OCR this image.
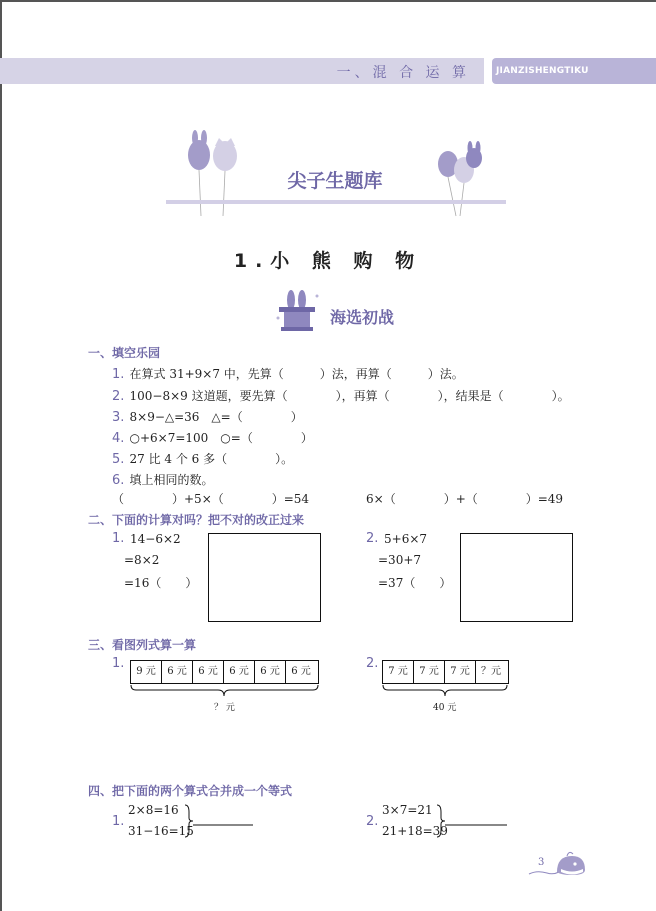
一、混 合 运 算	JIANZISHENGTIKU
尖子生题库
1.小 熊 购 物
海选初战
一、填空乐园
1. 在算式 31+9×7 中，先算（　　　）法，再算（　　　）法。
2. 100−8×9 这道题，要先算（　　　　），再算（　　　　），结果是（　　　　）。
3. 8×9−△=36　△=（　　　　）
4. ○+6×7=100　○=（　　　　）
5. 27 比 4 个 6 多（　　　　）。
6. 填上相同的数。
（　　　　）+5×（　　　　）=54	6×（　　　　）+（　　　　）=49
二、下面的计算对吗？把不对的改正过来
1. 14−6×2
=8×2
=16（　　）
2. 5+6×7
=30+7
=37（　　）
三、看图列式算一算
1.
9 元	6 元	6 元	6 元	6 元	6 元
？ 元
2.
7 元	7 元	7 元	？元
40 元
四、把下面的两个算式合并成一个等式
1.
2×8=16
31−16=15
2.
3×7=21
21+18=39
3
